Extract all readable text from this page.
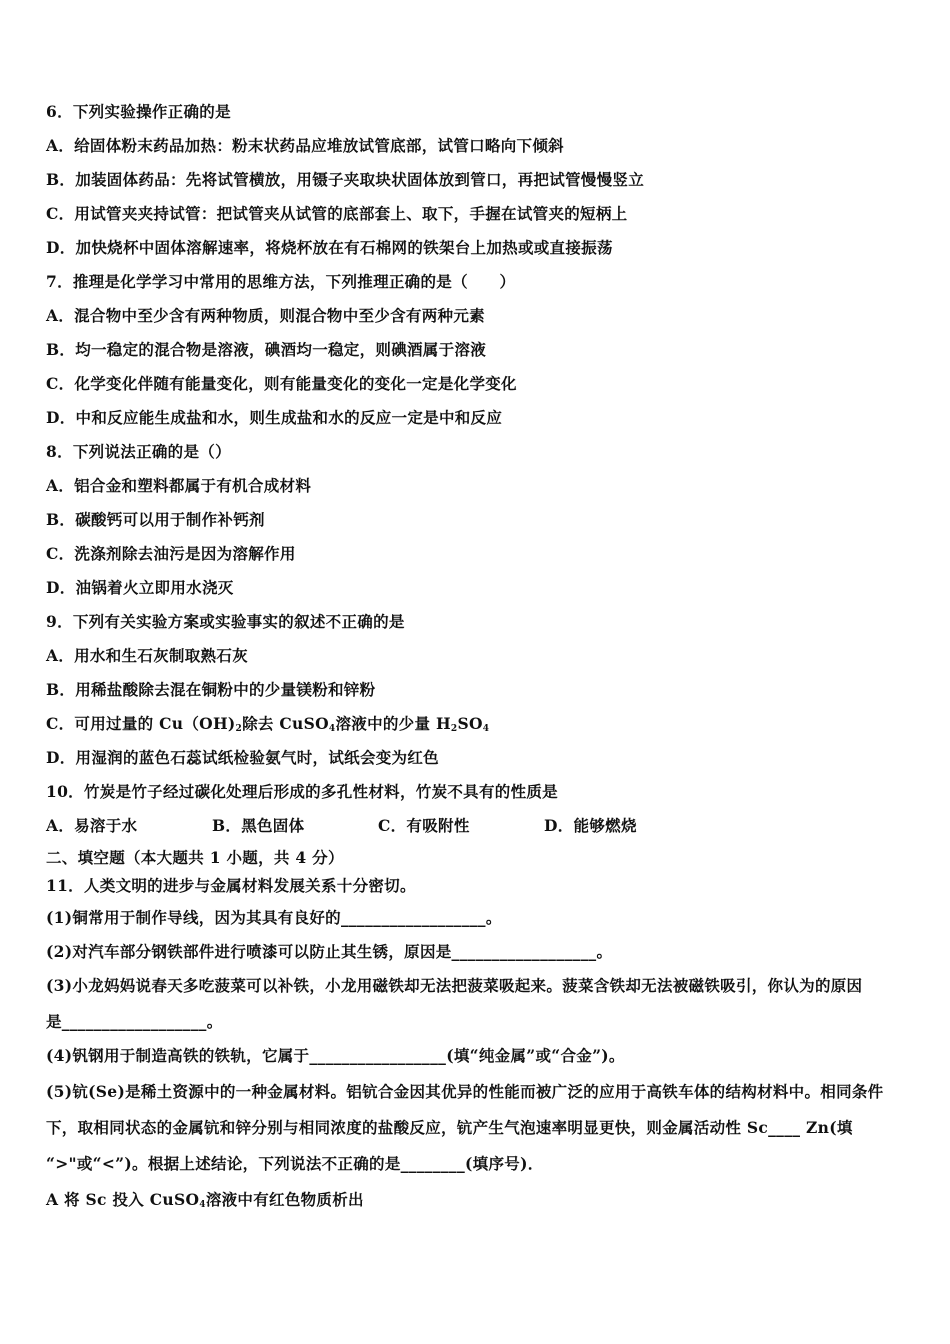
6．下列实验操作正确的是
A．给固体粉末药品加热：粉末状药品应堆放试管底部，试管口略向下倾斜
B．加装固体药品：先将试管横放，用镊子夹取块状固体放到管口，再把试管慢慢竖立
C．用试管夹夹持试管：把试管夹从试管的底部套上、取下，手握在试管夹的短柄上
D．加快烧杯中固体溶解速率，将烧杯放在有石棉网的铁架台上加热或或直接振荡
7．推理是化学学习中常用的思维方法，下列推理正确的是（　　）
A．混合物中至少含有两种物质，则混合物中至少含有两种元素
B．均一稳定的混合物是溶液，碘酒均一稳定，则碘酒属于溶液
C．化学变化伴随有能量变化，则有能量变化的变化一定是化学变化
D．中和反应能生成盐和水，则生成盐和水的反应一定是中和反应
8．下列说法正确的是（）
A．铝合金和塑料都属于有机合成材料
B．碳酸钙可以用于制作补钙剂
C．洗涤剂除去油污是因为溶解作用
D．油锅着火立即用水浇灭
9．下列有关实验方案或实验事实的叙述不正确的是
A．用水和生石灰制取熟石灰
B．用稀盐酸除去混在铜粉中的少量镁粉和锌粉
C．可用过量的 $Cu(OH)_2$除去 CuSO$_4$溶液中的少量 $H_2SO_4$
D．用湿润的蓝色石蕊试纸检验氨气时，试纸会变为红色
10．竹炭是竹子经过碳化处理后形成的多孔性材料，竹炭不具有的性质是
A．易溶于水	B．黑色固体	C．有吸附性	D．能够燃烧
二、填空题（本大题共 1 小题，共 4 分）
11．人类文明的进步与金属材料发展关系十分密切。
(1)铜常用于制作导线，因为其具有良好的__________________。
(2)对汽车部分钢铁部件进行喷漆可以防止其生锈，原因是__________________。
(3)小龙妈妈说春天多吃菠菜可以补铁，小龙用磁铁却无法把菠菜吸起来。菠菜含铁却无法被磁铁吸引，你认为的原因
是__________________。
(4)钒钢用于制造高铁的铁轨，它属于_________________(填“纯金属”或“合金”)。
(5)钪(Se)是稀土资源中的一种金属材料。铝钪合金因其优异的性能而被广泛的应用于高铁车体的结构材料中。相同条件
下，取相同状态的金属钪和锌分别与相同浓度的盐酸反应，钪产生气泡速率明显更快，则金属活动性 Sc____ Zn(填
“>"或“<”)。根据上述结论，下列说法不正确的是________(填序号)．
A 将 Sc 投入 CuSO$_4$溶液中有红色物质析出
